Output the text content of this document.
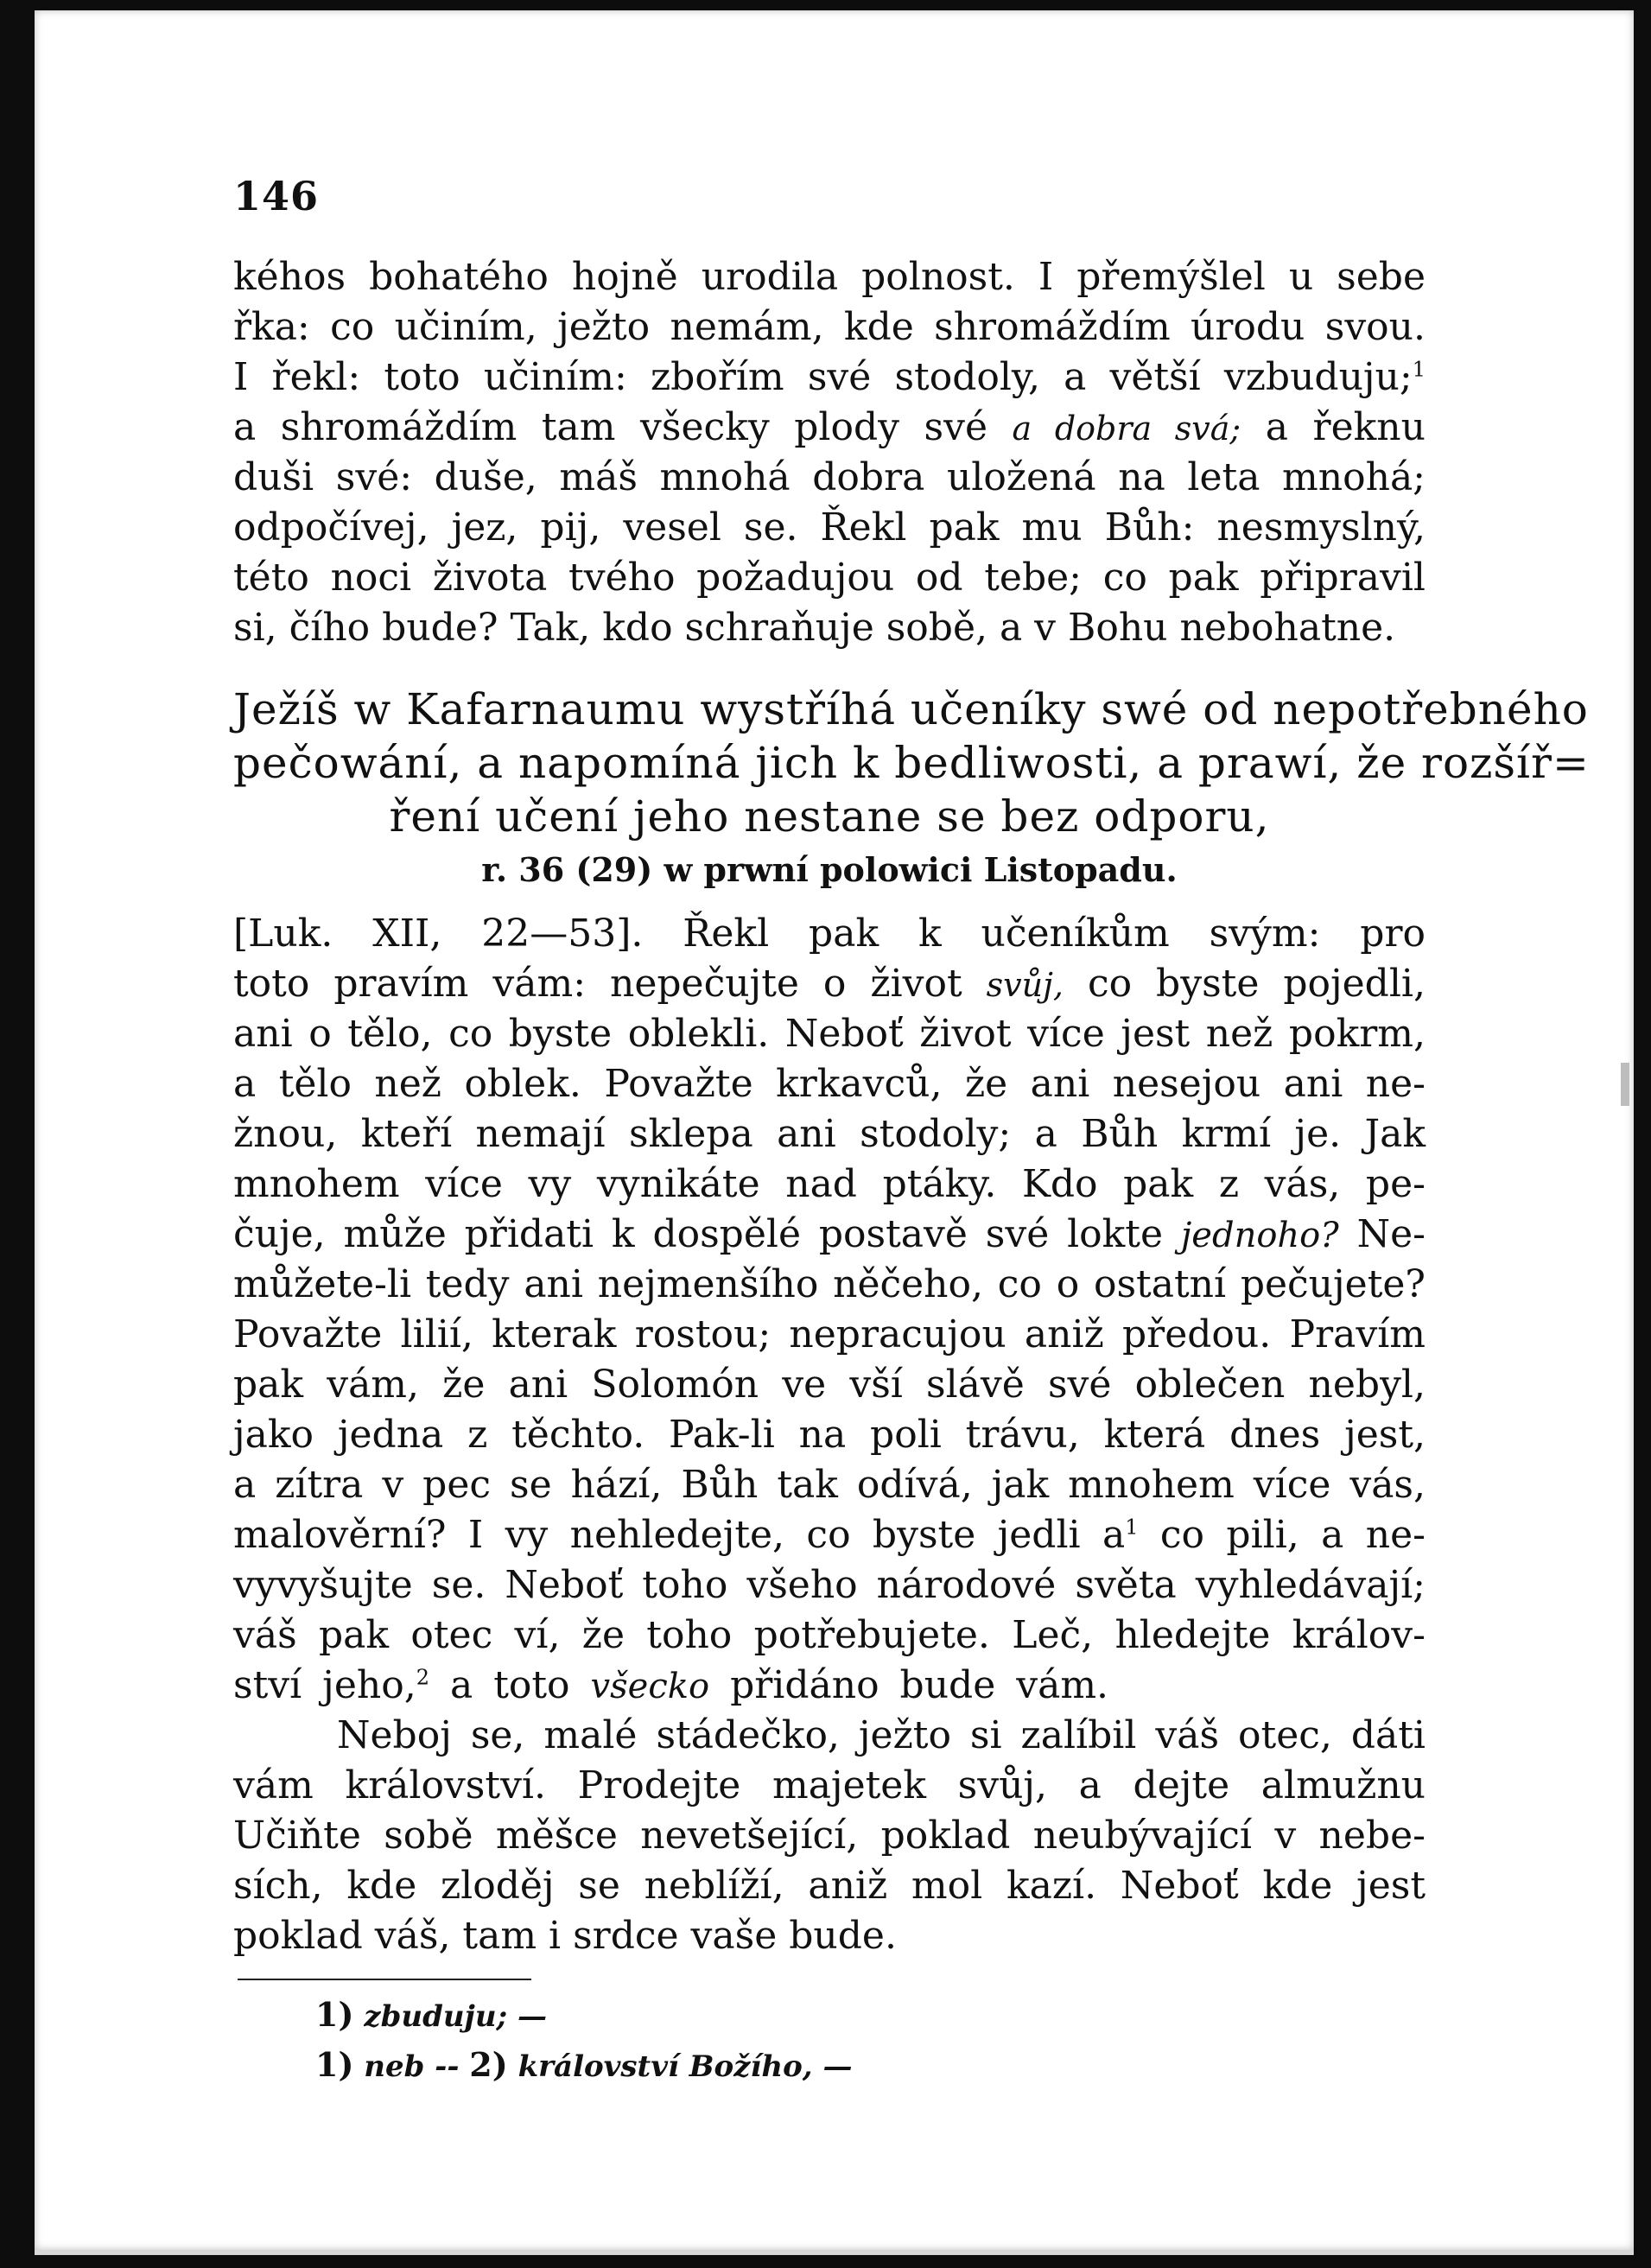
146
kéhos bohatého hojně urodila polnost. I přemýšlel u sebe
řka: co učiním, ježto nemám, kde shromáždím úrodu svou.
I řekl: toto učiním: zbořím své stodoly, a větší vzbuduju;$^1$
a shromáždím tam všecky plody své a dobra svá; a řeknu
duši své: duše, máš mnohá dobra uložená na leta mnohá;
odpočívej, jez, pij, vesel se. Řekl pak mu Bůh: nesmyslný,
této noci života tvého požadujou od tebe; co pak připravil
si, čího bude? Tak, kdo schraňuje sobě, a v Bohu nebohatne.
Ježíš w Kafarnaumu wystříhá učeníky swé od nepotřebného
pečowání, a napomíná jich k bedliwosti, a prawí, že rozšíř=
ření učení jeho nestane se bez odporu,
r. 36 (29) w prwní polowici Listopadu.
[Luk. XII, 22—53]. Řekl pak k učeníkům svým: pro
toto pravím vám: nepečujte o život svůj, co byste pojedli,
ani o tělo, co byste oblekli. Neboť život více jest než pokrm,
a tělo než oblek. Považte krkavců, že ani nesejou ani ne-
žnou, kteří nemají sklepa ani stodoly; a Bůh krmí je. Jak
mnohem více vy vynikáte nad ptáky. Kdo pak z vás, pe-
čuje, může přidati k dospělé postavě své lokte jednoho? Ne-
můžete-li tedy ani nejmenšího něčeho, co o ostatní pečujete?
Považte lilií, kterak rostou; nepracujou aniž předou. Pravím
pak vám, že ani Solomón ve vší slávě své oblečen nebyl,
jako jedna z těchto. Pak-li na poli trávu, která dnes jest,
a zítra v pec se hází, Bůh tak odívá, jak mnohem více vás,
malověrní? I vy nehledejte, co byste jedli $a^1$ co pili, a ne-
vyvyšujte se. Neboť toho všeho národové světa vyhledávají;
váš pak otec ví, že toho potřebujete. Leč, hledejte králov-
ství jeho,$^2$ a toto všecko přidáno bude vám.
Neboj se, malé stádečko, ježto si zalíbil váš otec, dáti
vám království. Prodejte majetek svůj, a dejte almužnu
Učiňte sobě měšce nevetšející, poklad neubývající v nebe-
sích, kde zloděj se neblíží, aniž mol kazí. Neboť kde jest
poklad váš, tam i srdce vaše bude.
1) zbuduju; —
1) neb -- 2) království Božího, —
